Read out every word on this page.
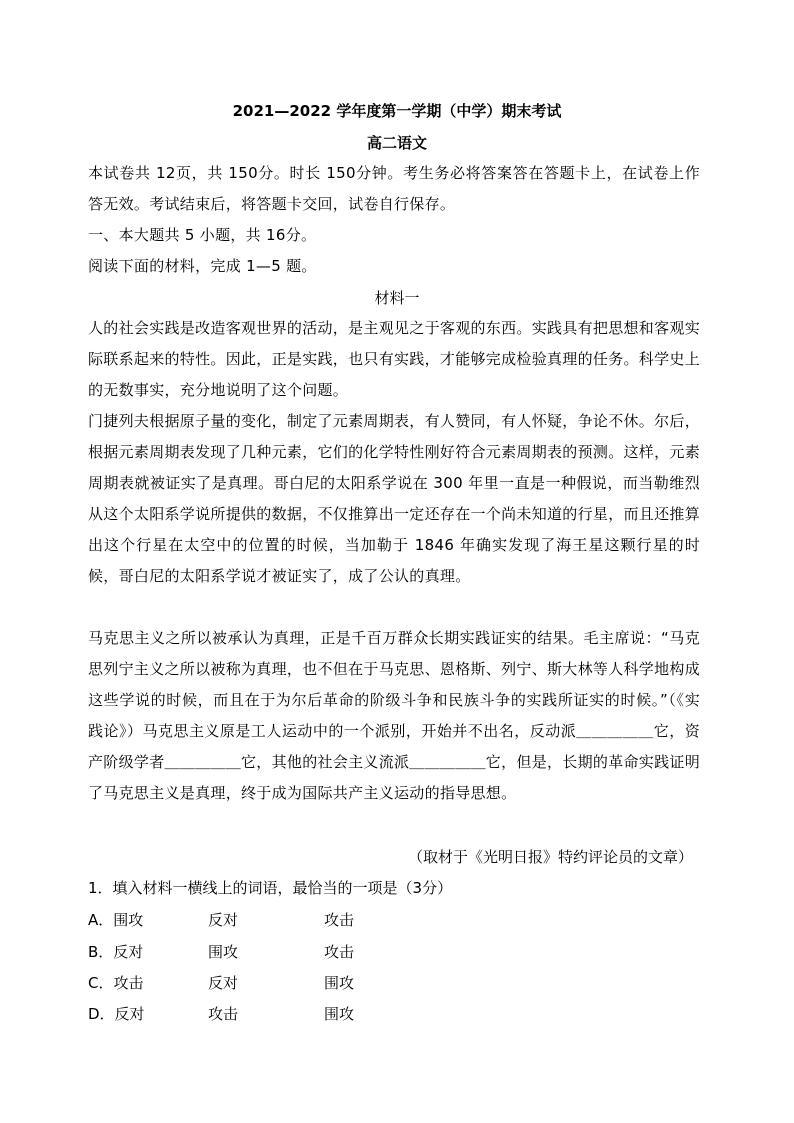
2021—2022 学年度第一学期（中学）期末考试
高二语文
本试卷共 12页，共 150分。时长 150分钟。考生务必将答案答在答题卡上，在试卷上作答无效。考试结束后，将答题卡交回，试卷自行保存。
一、本大题共 5 小题，共 16分。
阅读下面的材料，完成 1—5 题。
材料一
人的社会实践是改造客观世界的活动，是主观见之于客观的东西。实践具有把思想和客观实际联系起来的特性。因此，正是实践，也只有实践，才能够完成检验真理的任务。科学史上的无数事实，充分地说明了这个问题。
门捷列夫根据原子量的变化，制定了元素周期表，有人赞同，有人怀疑，争论不休。尔后，根据元素周期表发现了几种元素，它们的化学特性刚好符合元素周期表的预测。这样，元素周期表就被证实了是真理。哥白尼的太阳系学说在 300 年里一直是一种假说，而当勒维烈从这个太阳系学说所提供的数据，不仅推算出一定还存在一个尚未知道的行星，而且还推算出这个行星在太空中的位置的时候，当加勒于 1846 年确实发现了海王星这颗行星的时候，哥白尼的太阳系学说才被证实了，成了公认的真理。
马克思主义之所以被承认为真理，正是千百万群众长期实践证实的结果。毛主席说：“马克思列宁主义之所以被称为真理，也不但在于马克思、恩格斯、列宁、斯大林等人科学地构成这些学说的时候，而且在于为尔后革命的阶级斗争和民族斗争的实践所证实的时候。”（《实践论》）马克思主义原是工人运动中的一个派别，开始并不出名，反动派＿＿＿＿＿它，资产阶级学者＿＿＿＿＿它，其他的社会主义流派＿＿＿＿＿它，但是，长期的革命实践证明了马克思主义是真理，终于成为国际共产主义运动的指导思想。
（取材于《光明日报》特约评论员的文章）
1．填入材料一横线上的词语，最恰当的一项是（3分）
A．围攻	反对	攻击
B．反对	围攻	攻击
C．攻击	反对	围攻
D．反对	攻击	围攻
